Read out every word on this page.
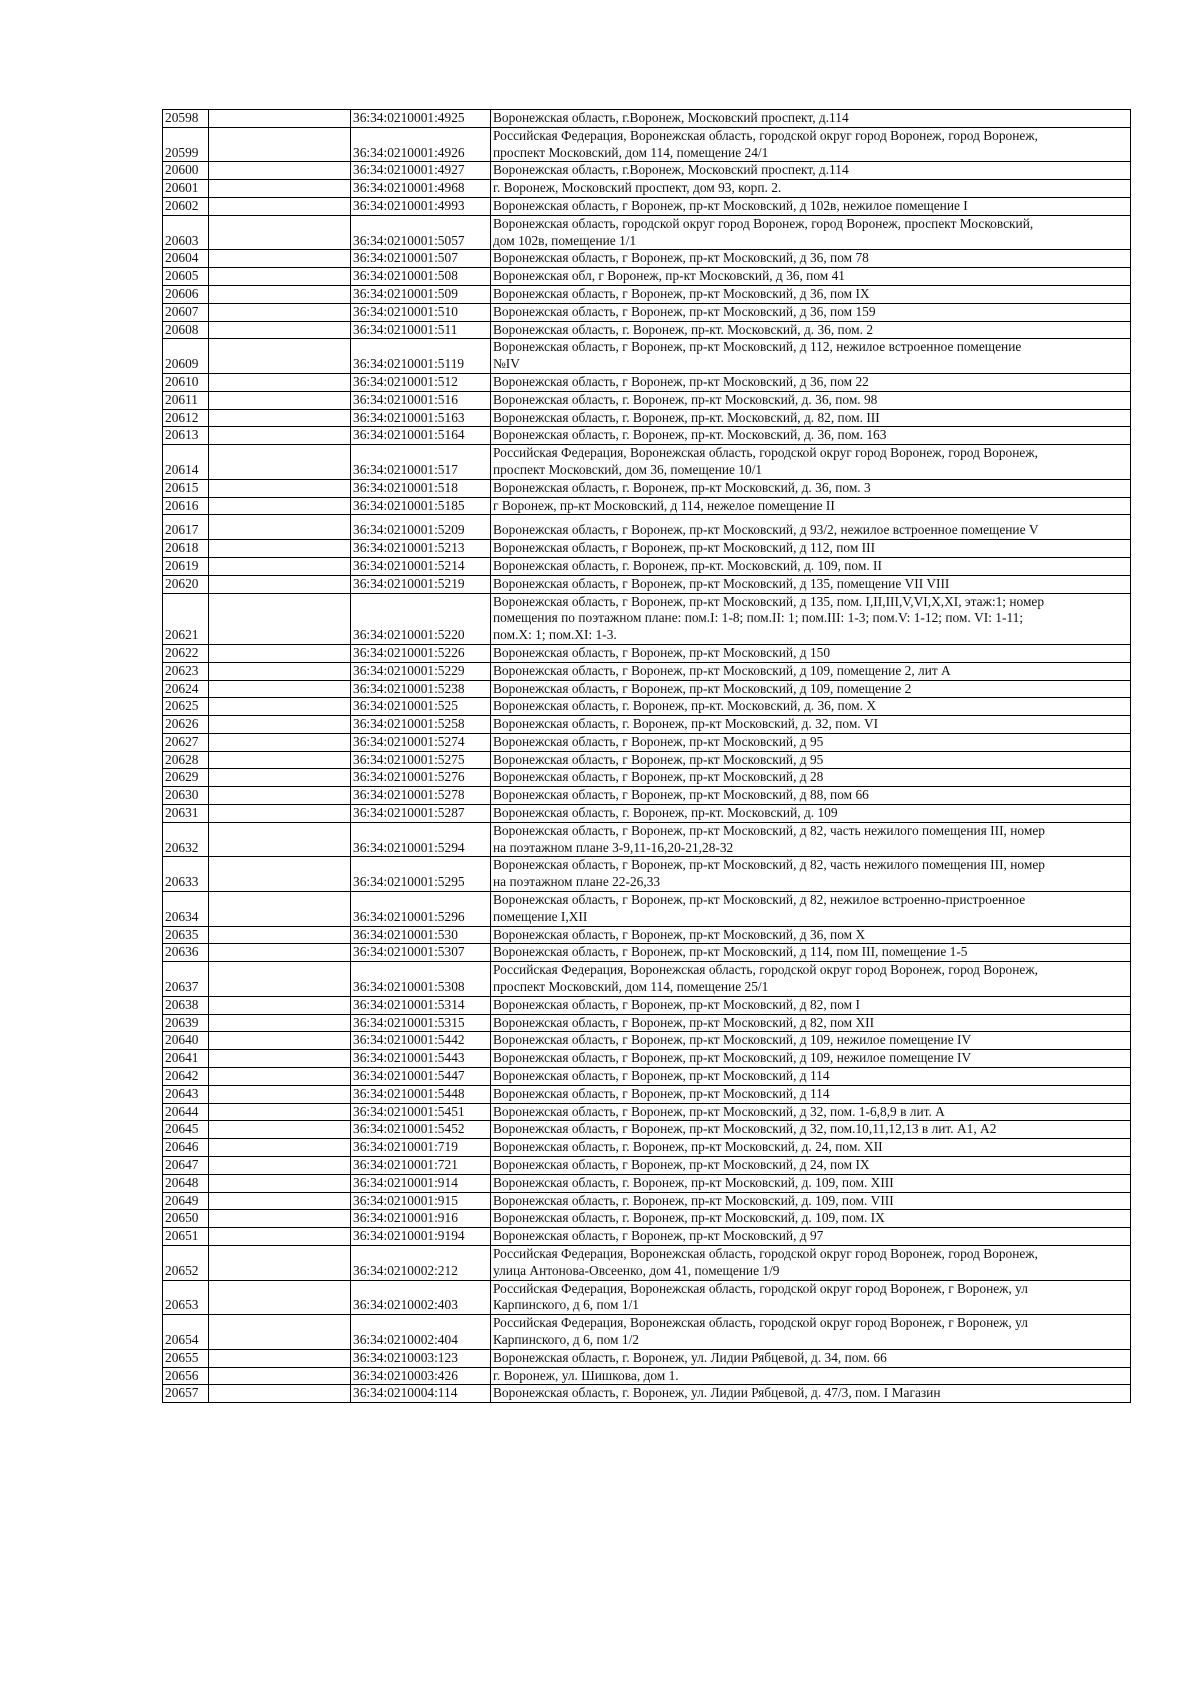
20598		36:34:0210001:4925	Воронежская область, г.Воронеж, Московский проспект, д.114

20599		36:34:0210001:4926	Российская Федерация, Воронежская область, городской округ город Воронеж, город Воронеж,
проспект Московский, дом 114, помещение 24/1

20600		36:34:0210001:4927	Воронежская область, г.Воронеж, Московский проспект, д.114

20601		36:34:0210001:4968	г. Воронеж, Московский проспект, дом 93, корп. 2.

20602		36:34:0210001:4993	Воронежская область, г Воронеж, пр-кт Московский, д 102в, нежилое помещение I

20603		36:34:0210001:5057	Воронежская область, городской округ город Воронеж, город Воронеж, проспект Московский,
дом 102в, помещение 1/1

20604		36:34:0210001:507	Воронежская область, г Воронеж, пр-кт Московский, д 36, пом 78

20605		36:34:0210001:508	Воронежская обл, г Воронеж, пр-кт Московский, д 36, пом 41

20606		36:34:0210001:509	Воронежская область, г Воронеж, пр-кт Московский, д 36, пом IX

20607		36:34:0210001:510	Воронежская область, г Воронеж, пр-кт Московский, д 36, пом 159

20608		36:34:0210001:511	Воронежская область, г. Воронеж, пр-кт. Московский, д. 36, пом. 2

20609		36:34:0210001:5119	Воронежская область, г Воронеж, пр-кт Московский, д 112, нежилое встроенное помещение
№IV

20610		36:34:0210001:512	Воронежская область, г Воронеж, пр-кт Московский, д 36, пом 22

20611		36:34:0210001:516	Воронежская область, г. Воронеж, пр-кт Московский, д. 36, пом. 98

20612		36:34:0210001:5163	Воронежская область, г. Воронеж, пр-кт. Московский, д. 82, пом. III

20613		36:34:0210001:5164	Воронежская область, г. Воронеж, пр-кт. Московский, д. 36, пом. 163

20614		36:34:0210001:517	Российская Федерация, Воронежская область, городской округ город Воронеж, город Воронеж,
проспект Московский, дом 36, помещение 10/1

20615		36:34:0210001:518	Воронежская область, г. Воронеж, пр-кт Московский, д. 36, пом. 3

20616		36:34:0210001:5185	г Воронеж, пр-кт Московский, д 114, нежелое помещение II

20617		36:34:0210001:5209	Воронежская область, г Воронеж, пр-кт Московский, д 93/2, нежилое встроенное помещение V

20618		36:34:0210001:5213	Воронежская область, г Воронеж, пр-кт Московский, д 112, пом III

20619		36:34:0210001:5214	Воронежская область, г. Воронеж, пр-кт. Московский, д. 109, пом. II

20620		36:34:0210001:5219	Воронежская область, г Воронеж, пр-кт Московский, д 135, помещение VII VIII

20621		36:34:0210001:5220	Воронежская область, г Воронеж, пр-кт Московский, д 135, пом. I,II,III,V,VI,X,XI, этаж:1; номер
помещения по поэтажном плане: пом.I: 1-8; пом.II: 1; пом.III: 1-3; пом.V: 1-12; пом. VI: 1-11;
пом.X: 1; пом.XI: 1-3.

20622		36:34:0210001:5226	Воронежская область, г Воронеж, пр-кт Московский, д 150

20623		36:34:0210001:5229	Воронежская область, г Воронеж, пр-кт Московский, д 109, помещение 2, лит А

20624		36:34:0210001:5238	Воронежская область, г Воронеж, пр-кт Московский, д 109, помещение 2

20625		36:34:0210001:525	Воронежская область, г. Воронеж, пр-кт. Московский, д. 36, пом. X

20626		36:34:0210001:5258	Воронежская область, г. Воронеж, пр-кт Московский, д. 32, пом. VI

20627		36:34:0210001:5274	Воронежская область, г Воронеж, пр-кт Московский, д 95

20628		36:34:0210001:5275	Воронежская область, г Воронеж, пр-кт Московский, д 95

20629		36:34:0210001:5276	Воронежская область, г Воронеж, пр-кт Московский, д 28

20630		36:34:0210001:5278	Воронежская область, г Воронеж, пр-кт Московский, д 88, пом 66

20631		36:34:0210001:5287	Воронежская область, г. Воронеж, пр-кт. Московский, д. 109

20632		36:34:0210001:5294	Воронежская область, г Воронеж, пр-кт Московский, д 82, часть нежилого помещения III, номер
на поэтажном плане 3-9,11-16,20-21,28-32

20633		36:34:0210001:5295	Воронежская область, г Воронеж, пр-кт Московский, д 82, часть нежилого помещения III, номер
на поэтажном плане 22-26,33

20634		36:34:0210001:5296	Воронежская область, г Воронеж, пр-кт Московский, д 82, нежилое встроенно-пристроенное
помещение I,XII

20635		36:34:0210001:530	Воронежская область, г Воронеж, пр-кт Московский, д 36, пом X

20636		36:34:0210001:5307	Воронежская область, г Воронеж, пр-кт Московский, д 114, пом III, помещение 1-5

20637		36:34:0210001:5308	Российская Федерация, Воронежская область, городской округ город Воронеж, город Воронеж,
проспект Московский, дом 114, помещение 25/1

20638		36:34:0210001:5314	Воронежская область, г Воронеж, пр-кт Московский, д 82, пом I

20639		36:34:0210001:5315	Воронежская область, г Воронеж, пр-кт Московский, д 82, пом XII

20640		36:34:0210001:5442	Воронежская область, г Воронеж, пр-кт Московский, д 109, нежилое помещение IV

20641		36:34:0210001:5443	Воронежская область, г Воронеж, пр-кт Московский, д 109, нежилое помещение IV

20642		36:34:0210001:5447	Воронежская область, г Воронеж, пр-кт Московский, д 114

20643		36:34:0210001:5448	Воронежская область, г Воронеж, пр-кт Московский, д 114

20644		36:34:0210001:5451	Воронежская область, г Воронеж, пр-кт Московский, д 32, пом. 1-6,8,9 в лит. А

20645		36:34:0210001:5452	Воронежская область, г Воронеж, пр-кт Московский, д 32, пом.10,11,12,13 в лит. А1, А2

20646		36:34:0210001:719	Воронежская область, г. Воронеж, пр-кт Московский, д. 24, пом. XII

20647		36:34:0210001:721	Воронежская область, г Воронеж, пр-кт Московский, д 24, пом IX

20648		36:34:0210001:914	Воронежская область, г. Воронеж, пр-кт Московский, д. 109, пом. XIII

20649		36:34:0210001:915	Воронежская область, г. Воронеж, пр-кт Московский, д. 109, пом. VIII

20650		36:34:0210001:916	Воронежская область, г. Воронеж, пр-кт Московский, д. 109, пом. IX

20651		36:34:0210001:9194	Воронежская область, г Воронеж, пр-кт Московский, д 97

20652		36:34:0210002:212	Российская Федерация, Воронежская область, городской округ город Воронеж, город Воронеж,
улица Антонова-Овсеенко, дом 41, помещение 1/9

20653		36:34:0210002:403	Российская Федерация, Воронежская область, городской округ город Воронеж, г Воронеж, ул
Карпинского, д 6, пом 1/1

20654		36:34:0210002:404	Российская Федерация, Воронежская область, городской округ город Воронеж, г Воронеж, ул
Карпинского, д 6, пом 1/2

20655		36:34:0210003:123	Воронежская область, г. Воронеж, ул. Лидии Рябцевой, д. 34, пом. 66

20656		36:34:0210003:426	г. Воронеж, ул. Шишкова, дом 1.

20657		36:34:0210004:114	Воронежская область, г. Воронеж, ул. Лидии Рябцевой, д. 47/3, пом. I Магазин
